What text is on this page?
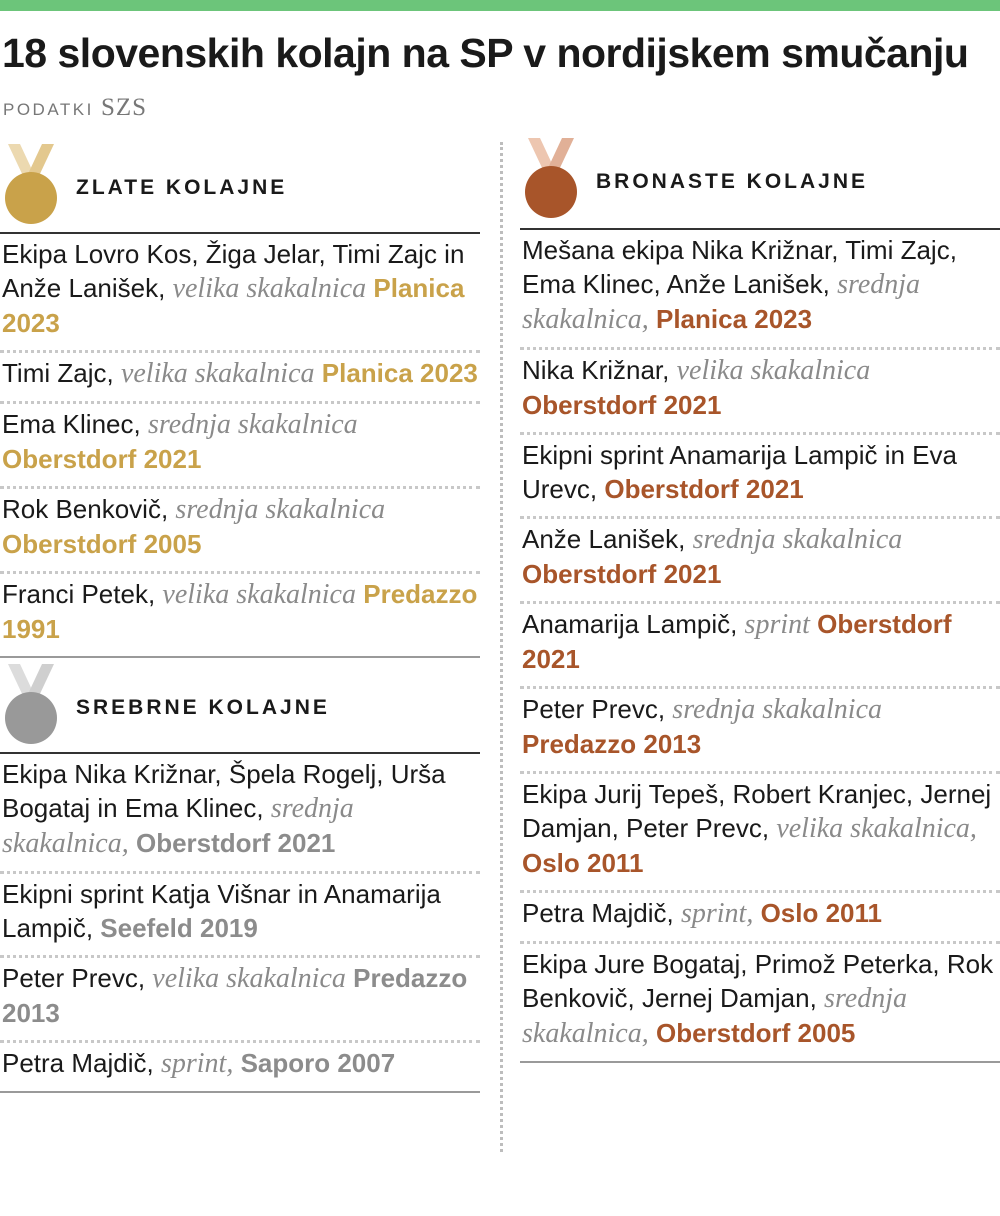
18 slovenskih kolajn na SP v nordijskem smučanju
PODATKI SZS
ZLATE KOLAJNE
Ekipa Lovro Kos, Žiga Jelar, Timi Zajc in Anže Lanišek, velika skakalnica Planica 2023
Timi Zajc, velika skakalnica Planica 2023
Ema Klinec, srednja skakalnica Oberstdorf 2021
Rok Benkovič, srednja skakalnica Oberstdorf 2005
Franci Petek, velika skakalnica Predazzo 1991
SREBRNE KOLAJNE
Ekipa Nika Križnar, Špela Rogelj, Urša Bogataj in Ema Klinec, srednja skakalnica, Oberstdorf 2021
Ekipni sprint Katja Višnar in Anamarija Lampič, Seefeld 2019
Peter Prevc, velika skakalnica Predazzo 2013
Petra Majdič, sprint, Saporo 2007
BRONASTE KOLAJNE
Mešana ekipa Nika Križnar, Timi Zajc, Ema Klinec, Anže Lanišek, srednja skakalnica, Planica 2023
Nika Križnar, velika skakalnica Oberstdorf 2021
Ekipni sprint Anamarija Lampič in Eva Urevc, Oberstdorf 2021
Anže Lanišek, srednja skakalnica Oberstdorf 2021
Anamarija Lampič, sprint Oberstdorf 2021
Peter Prevc, srednja skakalnica Predazzo 2013
Ekipa Jurij Tepeš, Robert Kranjec, Jernej Damjan, Peter Prevc, velika skakalnica, Oslo 2011
Petra Majdič, sprint, Oslo 2011
Ekipa Jure Bogataj, Primož Peterka, Rok Benkovič, Jernej Damjan, srednja skakalnica, Oberstdorf 2005
